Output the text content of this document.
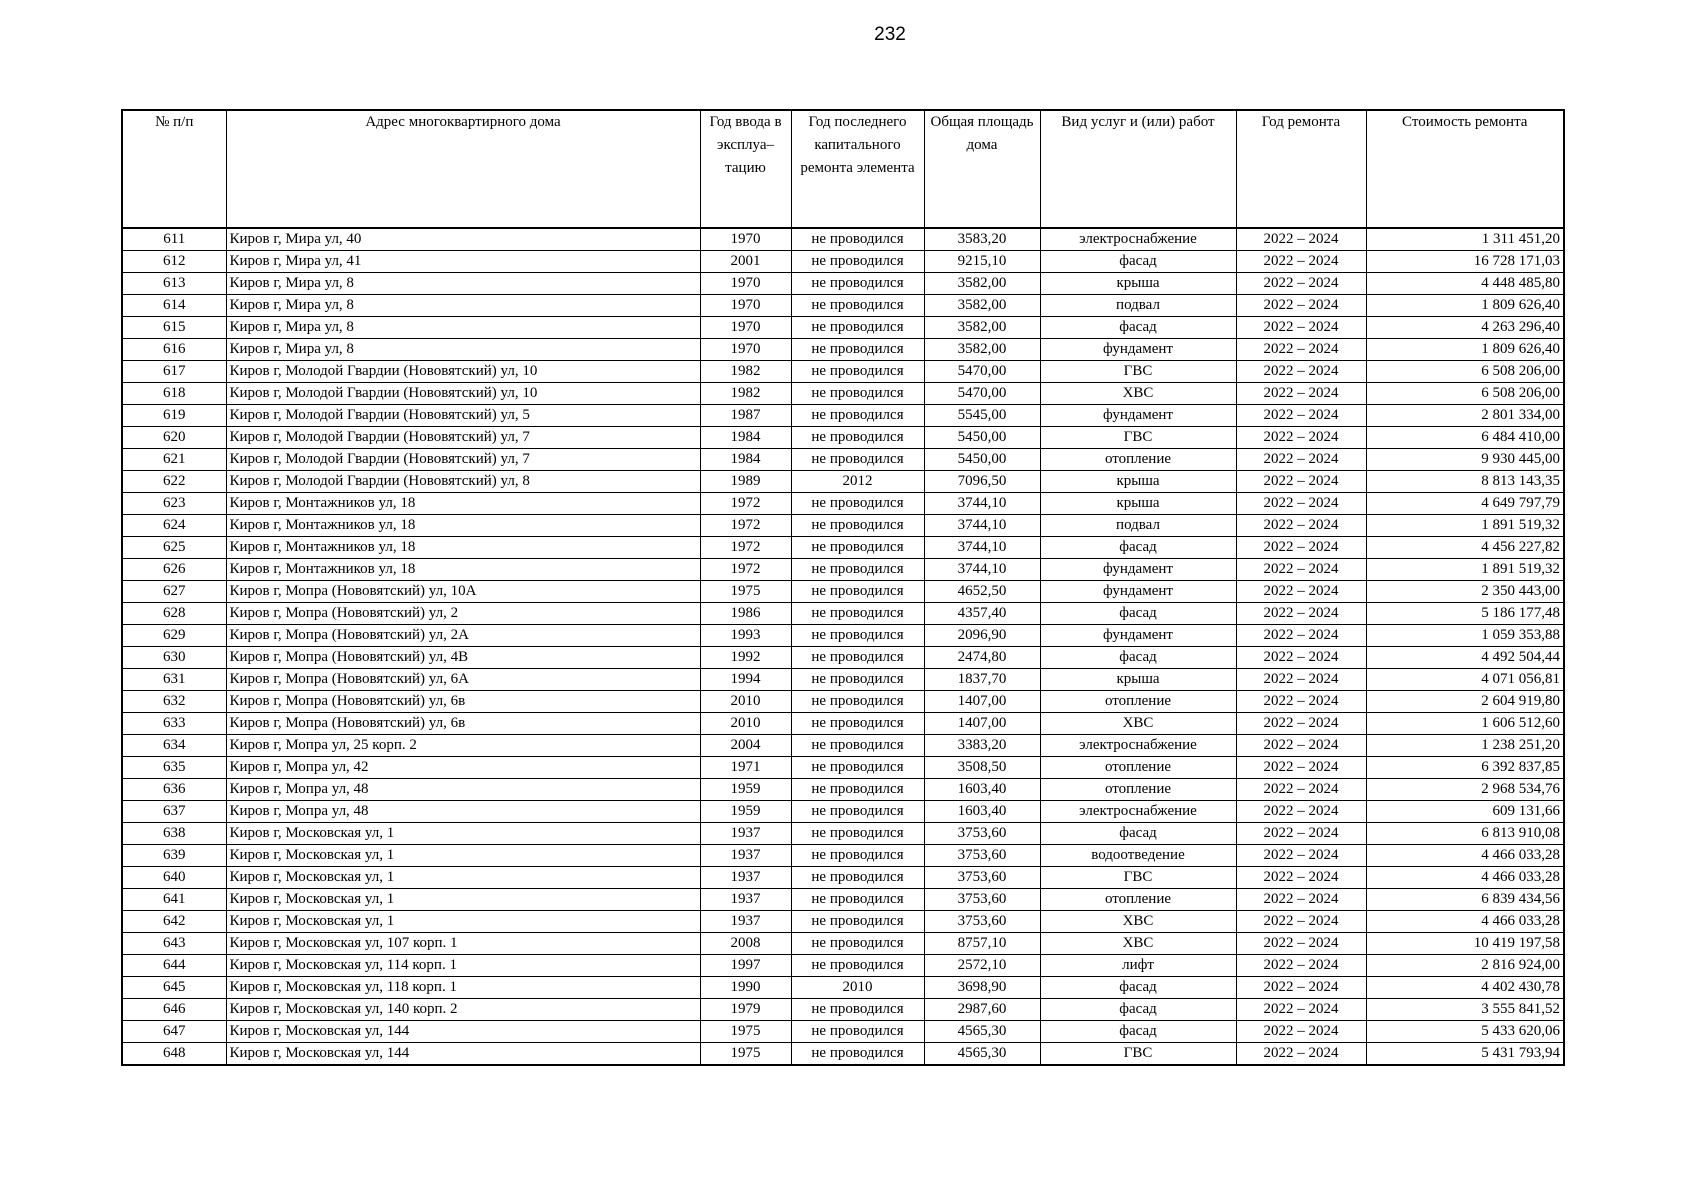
232
№ п/п	Адрес многоквартирного дома	Год ввода в эксплуа–тацию	Год последнего капитального ремонта элемента	Общая площадь дома	Вид услуг и (или) работ	Год ремонта	Стоимость ремонта
611	Киров г, Мира ул, 40	1970	не проводился	3583,20	электроснабжение	2022 – 2024	1 311 451,20
612	Киров г, Мира ул, 41	2001	не проводился	9215,10	фасад	2022 – 2024	16 728 171,03
613	Киров г, Мира ул, 8	1970	не проводился	3582,00	крыша	2022 – 2024	4 448 485,80
614	Киров г, Мира ул, 8	1970	не проводился	3582,00	подвал	2022 – 2024	1 809 626,40
615	Киров г, Мира ул, 8	1970	не проводился	3582,00	фасад	2022 – 2024	4 263 296,40
616	Киров г, Мира ул, 8	1970	не проводился	3582,00	фундамент	2022 – 2024	1 809 626,40
617	Киров г, Молодой Гвардии (Нововятский) ул, 10	1982	не проводился	5470,00	ГВС	2022 – 2024	6 508 206,00
618	Киров г, Молодой Гвардии (Нововятский) ул, 10	1982	не проводился	5470,00	ХВС	2022 – 2024	6 508 206,00
619	Киров г, Молодой Гвардии (Нововятский) ул, 5	1987	не проводился	5545,00	фундамент	2022 – 2024	2 801 334,00
620	Киров г, Молодой Гвардии (Нововятский) ул, 7	1984	не проводился	5450,00	ГВС	2022 – 2024	6 484 410,00
621	Киров г, Молодой Гвардии (Нововятский) ул, 7	1984	не проводился	5450,00	отопление	2022 – 2024	9 930 445,00
622	Киров г, Молодой Гвардии (Нововятский) ул, 8	1989	2012	7096,50	крыша	2022 – 2024	8 813 143,35
623	Киров г, Монтажников ул, 18	1972	не проводился	3744,10	крыша	2022 – 2024	4 649 797,79
624	Киров г, Монтажников ул, 18	1972	не проводился	3744,10	подвал	2022 – 2024	1 891 519,32
625	Киров г, Монтажников ул, 18	1972	не проводился	3744,10	фасад	2022 – 2024	4 456 227,82
626	Киров г, Монтажников ул, 18	1972	не проводился	3744,10	фундамент	2022 – 2024	1 891 519,32
627	Киров г, Мопра (Нововятский) ул, 10А	1975	не проводился	4652,50	фундамент	2022 – 2024	2 350 443,00
628	Киров г, Мопра (Нововятский) ул, 2	1986	не проводился	4357,40	фасад	2022 – 2024	5 186 177,48
629	Киров г, Мопра (Нововятский) ул, 2А	1993	не проводился	2096,90	фундамент	2022 – 2024	1 059 353,88
630	Киров г, Мопра (Нововятский) ул, 4В	1992	не проводился	2474,80	фасад	2022 – 2024	4 492 504,44
631	Киров г, Мопра (Нововятский) ул, 6А	1994	не проводился	1837,70	крыша	2022 – 2024	4 071 056,81
632	Киров г, Мопра (Нововятский) ул, 6в	2010	не проводился	1407,00	отопление	2022 – 2024	2 604 919,80
633	Киров г, Мопра (Нововятский) ул, 6в	2010	не проводился	1407,00	ХВС	2022 – 2024	1 606 512,60
634	Киров г, Мопра ул, 25 корп. 2	2004	не проводился	3383,20	электроснабжение	2022 – 2024	1 238 251,20
635	Киров г, Мопра ул, 42	1971	не проводился	3508,50	отопление	2022 – 2024	6 392 837,85
636	Киров г, Мопра ул, 48	1959	не проводился	1603,40	отопление	2022 – 2024	2 968 534,76
637	Киров г, Мопра ул, 48	1959	не проводился	1603,40	электроснабжение	2022 – 2024	609 131,66
638	Киров г, Московская ул, 1	1937	не проводился	3753,60	фасад	2022 – 2024	6 813 910,08
639	Киров г, Московская ул, 1	1937	не проводился	3753,60	водоотведение	2022 – 2024	4 466 033,28
640	Киров г, Московская ул, 1	1937	не проводился	3753,60	ГВС	2022 – 2024	4 466 033,28
641	Киров г, Московская ул, 1	1937	не проводился	3753,60	отопление	2022 – 2024	6 839 434,56
642	Киров г, Московская ул, 1	1937	не проводился	3753,60	ХВС	2022 – 2024	4 466 033,28
643	Киров г, Московская ул, 107 корп. 1	2008	не проводился	8757,10	ХВС	2022 – 2024	10 419 197,58
644	Киров г, Московская ул, 114 корп. 1	1997	не проводился	2572,10	лифт	2022 – 2024	2 816 924,00
645	Киров г, Московская ул, 118 корп. 1	1990	2010	3698,90	фасад	2022 – 2024	4 402 430,78
646	Киров г, Московская ул, 140 корп. 2	1979	не проводился	2987,60	фасад	2022 – 2024	3 555 841,52
647	Киров г, Московская ул, 144	1975	не проводился	4565,30	фасад	2022 – 2024	5 433 620,06
648	Киров г, Московская ул, 144	1975	не проводился	4565,30	ГВС	2022 – 2024	5 431 793,94
